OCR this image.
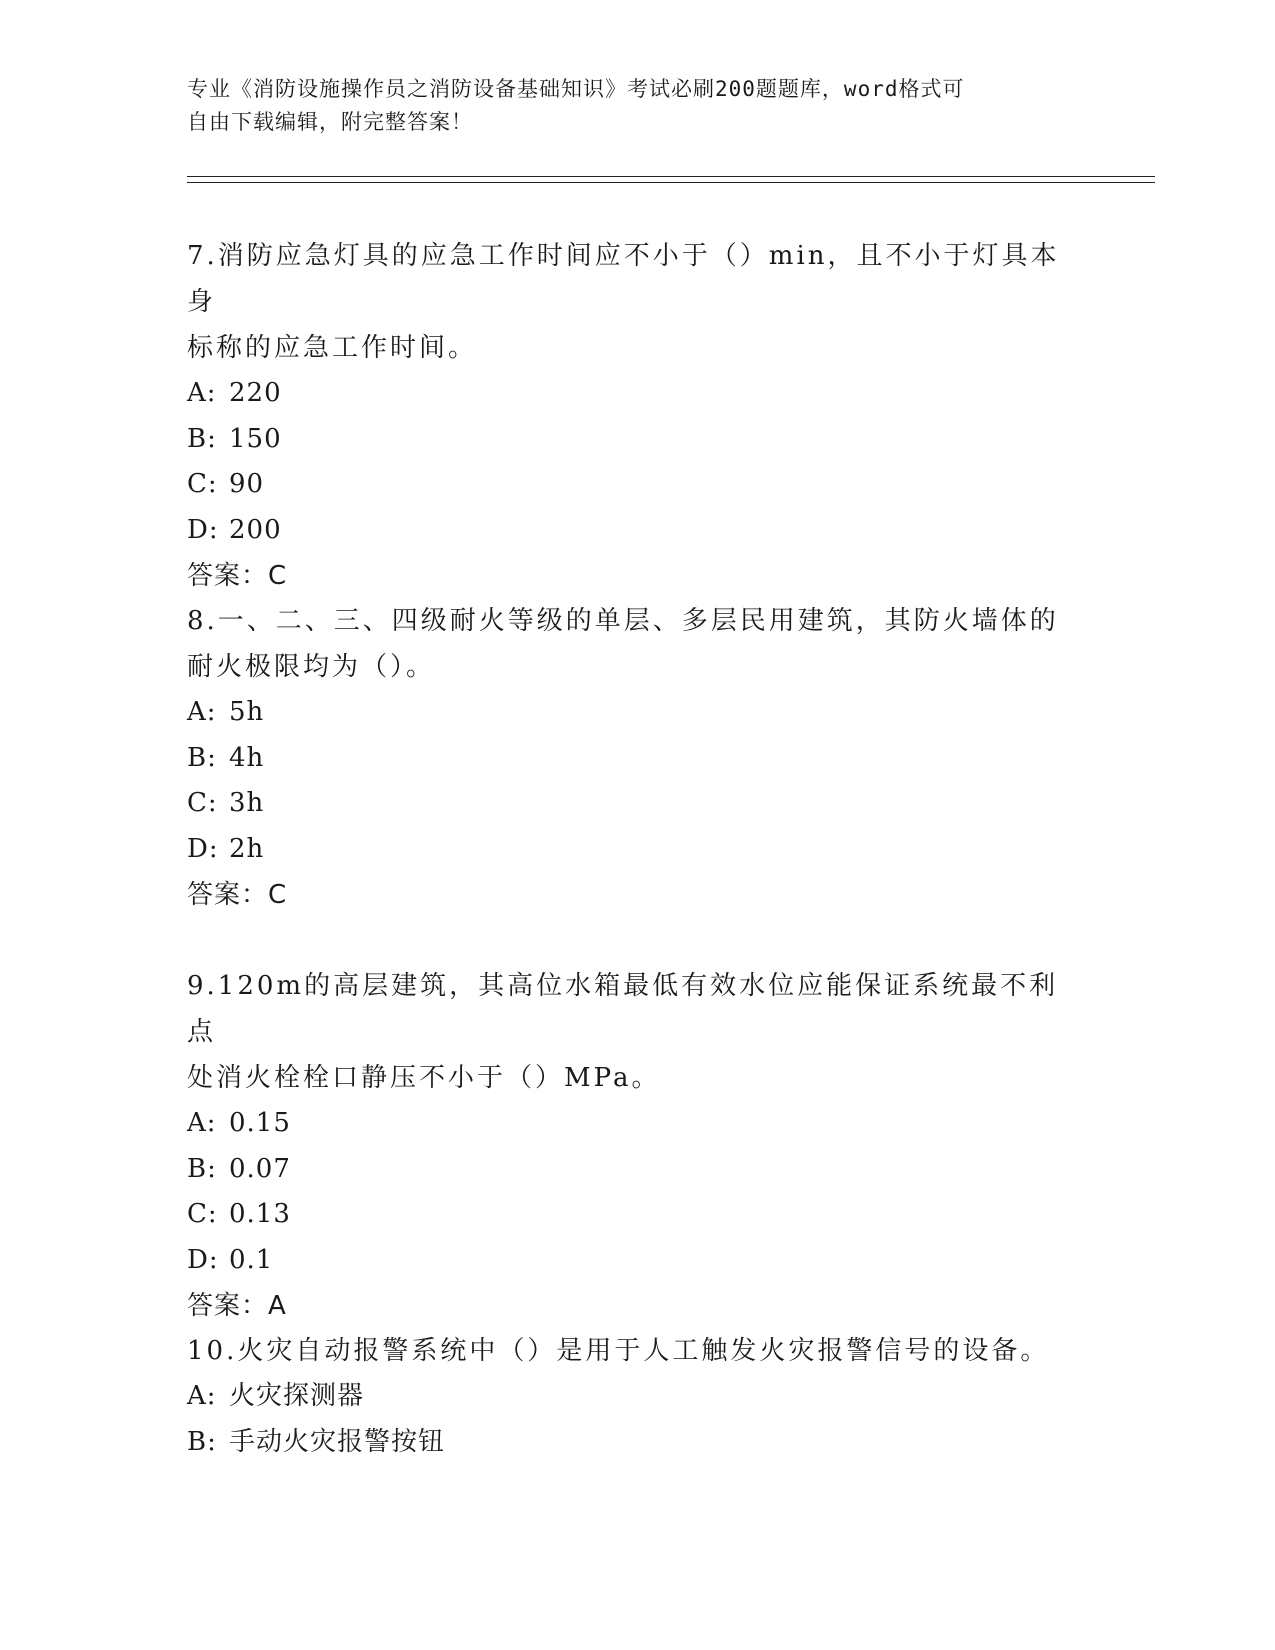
专业《消防设施操作员之消防设备基础知识》考试必刷200题题库，word格式可
自由下载编辑，附完整答案！

7.消防应急灯具的应急工作时间应不小于（）min，且不小于灯具本身

标称的应急工作时间。

A: 220

B: 150

C: 90

D: 200

答案：C

8.一、二、三、四级耐火等级的单层、多层民用建筑，其防火墙体的

耐火极限均为（）。

A: 5h

B: 4h

C: 3h

D: 2h

答案：C

9.120m的高层建筑，其高位水箱最低有效水位应能保证系统最不利点

处消火栓栓口静压不小于（）MPa。

A: 0.15

B: 0.07

C: 0.13

D: 0.1

答案：A

10.火灾自动报警系统中（）是用于人工触发火灾报警信号的设备。

A: 火灾探测器

B: 手动火灾报警按钮
